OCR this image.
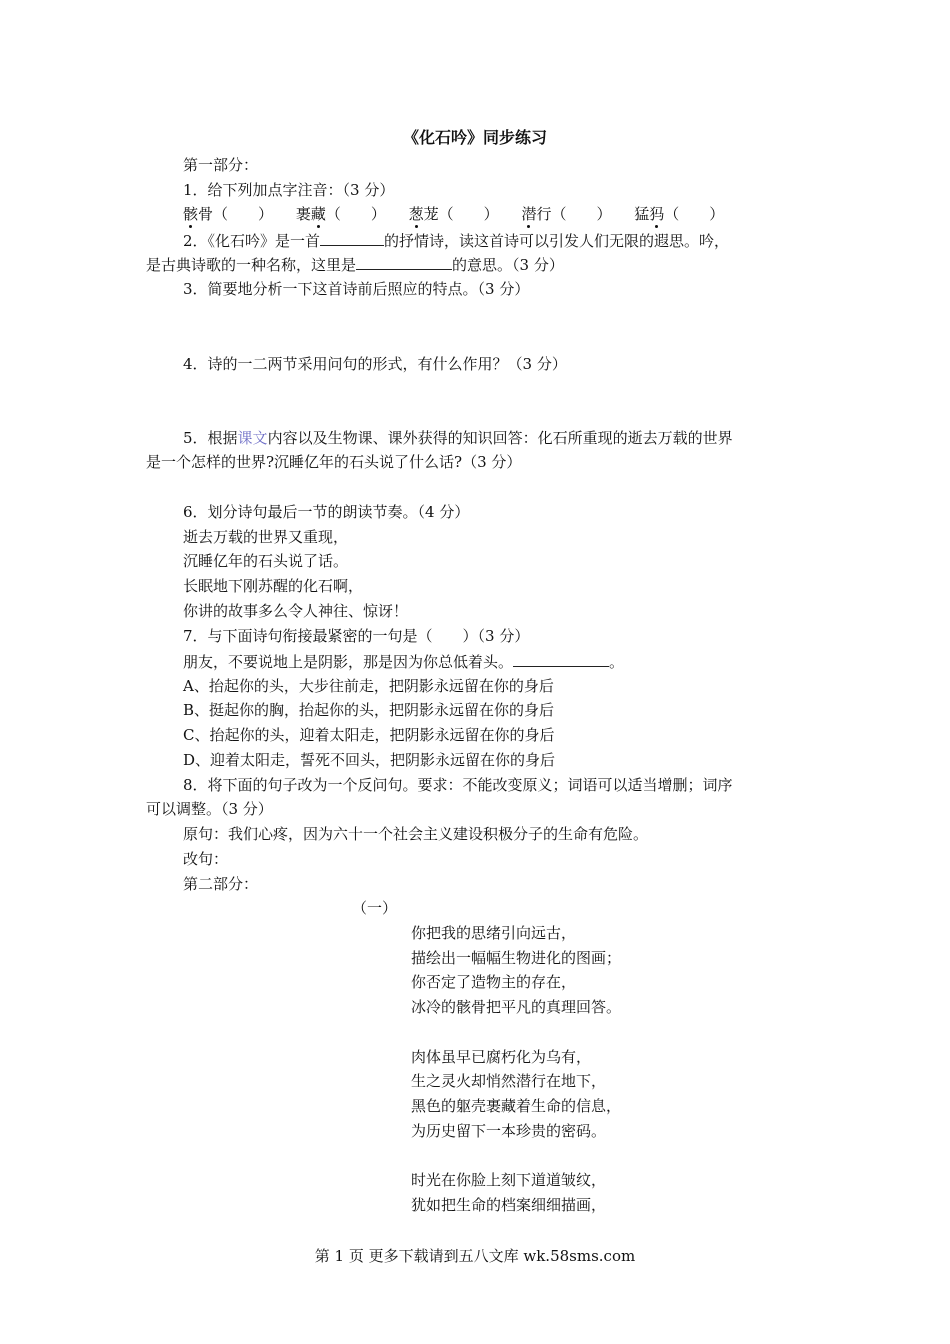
《化石吟》同步练习
第一部分：
1．给下列加点字注音：（3 分）
骸骨（　　） 裹藏（　　） 葱茏（　　） 潜行（　　） 猛犸（　　）
2．《化石吟》是一首	的抒情诗，读这首诗可以引发人们无限的遐思。吟，
是古典诗歌的一种名称，这里是	的意思。（3 分）
3．简要地分析一下这首诗前后照应的特点。（3 分）
4．诗的一二两节采用问句的形式，有什么作用？（3 分）
5．根据课文内容以及生物课、课外获得的知识回答：化石所重现的逝去万载的世界
是一个怎样的世界?沉睡亿年的石头说了什么话?（3 分）
6．划分诗句最后一节的朗读节奏。（4 分）
逝去万载的世界又重现，
沉睡亿年的石头说了话。
长眠地下刚苏醒的化石啊，
你讲的故事多么令人神往、惊讶！
7．与下面诗句衔接最紧密的一句是（　　）（3 分）
朋友，不要说地上是阴影，那是因为你总低着头。	。
A、抬起你的头，大步往前走，把阴影永远留在你的身后
B、挺起你的胸，抬起你的头，把阴影永远留在你的身后
C、抬起你的头，迎着太阳走，把阴影永远留在你的身后
D、迎着太阳走，誓死不回头，把阴影永远留在你的身后
8．将下面的句子改为一个反问句。要求：不能改变原义；词语可以适当增删；词序
可以调整。（3 分）
原句：我们心疼，因为六十一个社会主义建设积极分子的生命有危险。
改句：
第二部分：
（一）
你把我的思绪引向远古，
描绘出一幅幅生物进化的图画；
你否定了造物主的存在，
冰冷的骸骨把平凡的真理回答。
肉体虽早已腐朽化为乌有，
生之灵火却悄然潜行在地下，
黑色的躯壳裹藏着生命的信息，
为历史留下一本珍贵的密码。
时光在你脸上刻下道道皱纹，
犹如把生命的档案细细描画，
第 1 页 更多下载请到五八文库 wk.58sms.com
